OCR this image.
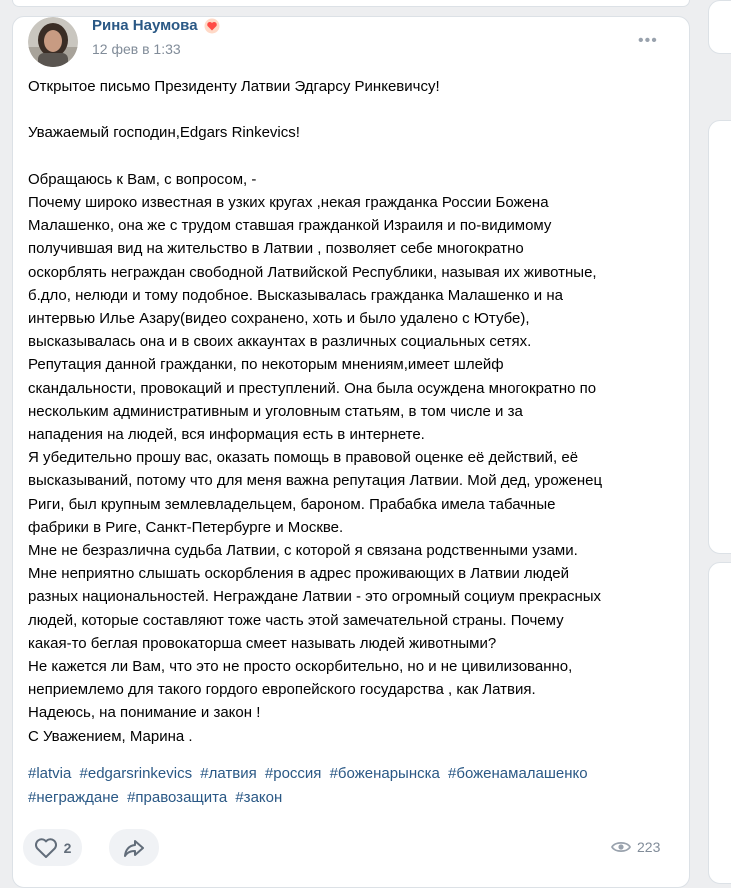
Рина Наумова
12 фев в 1:33	•••
Открытое письмо Президенту Латвии Эдгарсу Ринкевичсу!
Уважаемый господин,Edgars Rinkevics!
Обращаюсь к Вам, с вопросом, -
Почему широко известная в узких кругах ,некая гражданка России Божена
Малашенко, она же с трудом ставшая гражданкой Израиля и по-видимому
получившая вид на жительство в Латвии , позволяет себе многократно
оскорблять неграждан свободной Латвийской Республики, называя их животные,
б.дло, нелюди и тому подобное. Высказывалась гражданка Малашенко и на
интервью Илье Азару(видео сохранено, хоть и было удалено с Ютубе),
высказывалась она и в своих аккаунтах в различных социальных сетях.
Репутация данной гражданки, по некоторым мнениям,имеет шлейф
скандальности, провокаций и преступлений. Она была осуждена многократно по
нескольким административным и уголовным статьям, в том числе и за
нападения на людей, вся информация есть в интернете.
Я убедительно прошу вас, оказать помощь в правовой оценке её действий, её
высказываний, потому что для меня важна репутация Латвии. Мой дед, уроженец
Риги, был крупным землевладельцем, бароном. Прабабка имела табачные
фабрики в Риге, Санкт-Петербурге и Москве.
Мне не безразлична судьба Латвии, с которой я связана родственными узами.
Мне неприятно слышать оскорбления в адрес проживающих в Латвии людей
разных национальностей. Неграждане Латвии - это огромный социум прекрасных
людей, которые составляют тоже часть этой замечательной страны. Почему
какая-то беглая провокаторша смеет называть людей животными?
Не кажется ли Вам, что это не просто оскорбительно, но и не цивилизованно,
неприемлемо для такого гордого европейского государства , как Латвия.
Надеюсь, на понимание и закон !
С Уважением, Марина .
#latvia #edgarsrinkevics #латвия #россия #боженарынска #боженамалашенко
#неграждане #правозащита #закон
2	223
